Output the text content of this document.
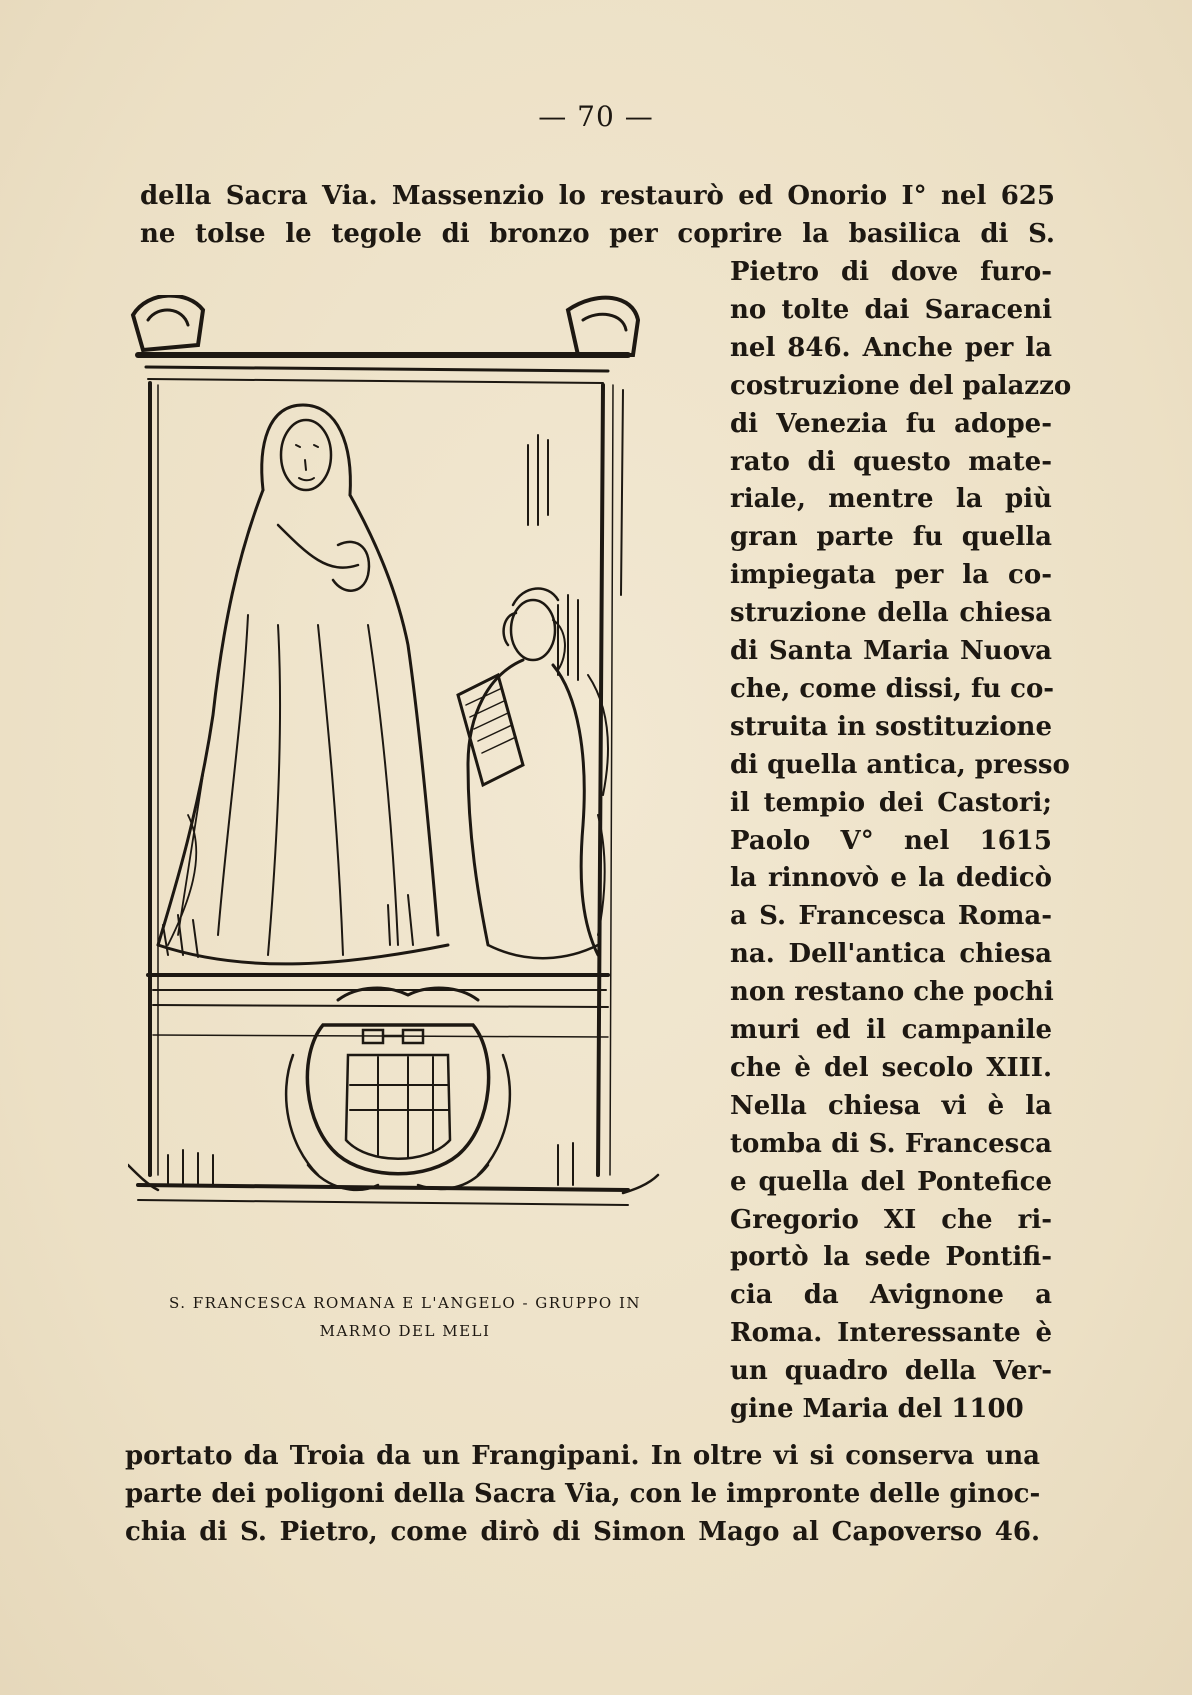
— 70 —
della Sacra Via. Massenzio lo restaurò ed Onorio I° nel 625
ne tolse le tegole di bronzo per coprire la basilica di S.
Pietro di dove furo-
no tolte dai Saraceni
nel 846. Anche per la
costruzione del palazzo
di Venezia fu adope-
rato di questo mate-
riale, mentre la più
gran parte fu quella
impiegata per la co-
struzione della chiesa
di Santa Maria Nuova
che, come dissi, fu co-
struita in sostituzione
di quella antica, presso
il tempio dei Castori;
Paolo V° nel 1615
la rinnovò e la dedicò
a S. Francesca Roma-
na. Dell'antica chiesa
non restano che pochi
muri ed il campanile
che è del secolo XIII.
Nella chiesa vi è la
tomba di S. Francesca
e quella del Pontefice
Gregorio XI che ri-
portò la sede Pontifi-
cia da Avignone a
Roma. Interessante è
un quadro della Ver-
gine Maria del 1100
S. FRANCESCA ROMANA E L'ANGELO - GRUPPO IN
MARMO DEL MELI
portato da Troia da un Frangipani. In oltre vi si conserva una
parte dei poligoni della Sacra Via, con le impronte delle ginoc-
chia di S. Pietro, come dirò di Simon Mago al Capoverso 46.
